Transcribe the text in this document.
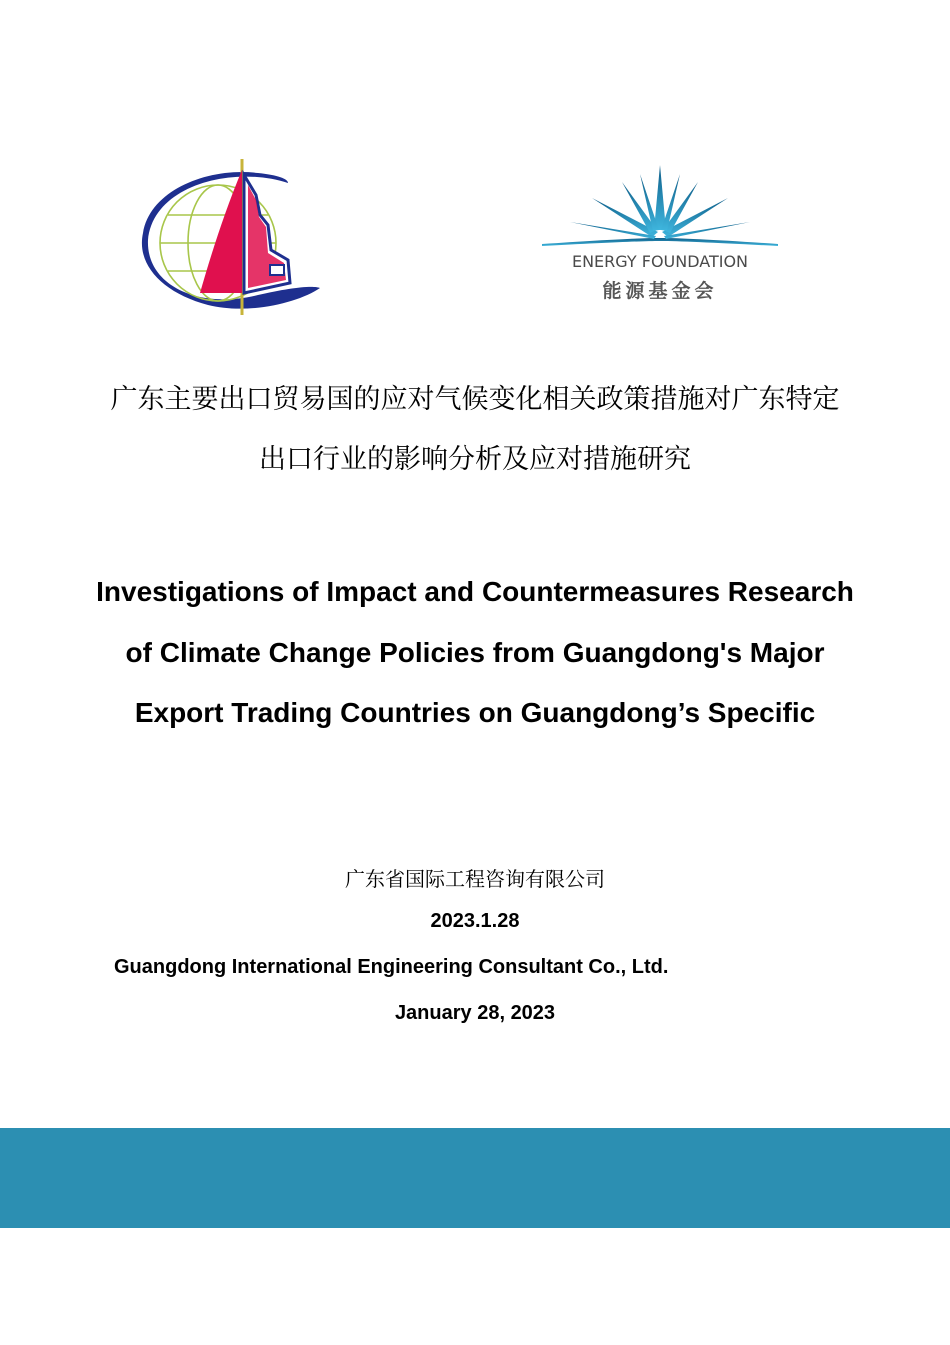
ENERGY FOUNDATION
能源基金会
广东主要出口贸易国的应对气候变化相关政策措施对广东特定
出口行业的影响分析及应对措施研究
Investigations of Impact and Countermeasures Research
of Climate Change Policies from Guangdong's Major
Export Trading Countries on Guangdong’s Specific
广东省国际工程咨询有限公司
2023.1.28
Guangdong International Engineering Consultant Co., Ltd.
January 28, 2023
